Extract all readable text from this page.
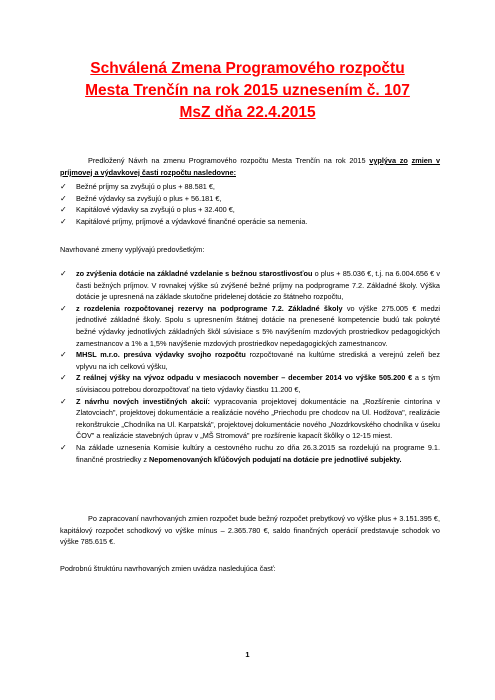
Schválená Zmena Programového rozpočtu
Mesta Trenčín na rok 2015 uznesením č. 107
MsZ dňa 22.4.2015
Predložený Návrh na zmenu Programového rozpočtu Mesta Trenčín na rok 2015 vyplýva zo zmien v príjmovej a výdavkovej časti rozpočtu nasledovne:
✓	Bežné príjmy sa zvyšujú o plus + 88.581 €,
✓	Bežné výdavky sa zvyšujú o plus + 56.181 €,
✓	Kapitálové výdavky sa zvyšujú o plus + 32.400 €,
✓	Kapitálové príjmy, príjmové a výdavkové finančné operácie sa nemenia.
Navrhované zmeny vyplývajú predovšetkým:
✓	zo zvýšenia dotácie na základné vzdelanie s bežnou starostlivosťou o plus + 85.036 €, t.j. na 6.004.656 € v časti bežných príjmov. V rovnakej výške sú zvýšené bežné príjmy na podprograme 7.2. Základné školy. Výška dotácie je upresnená na základe skutočne pridelenej dotácie zo štátneho rozpočtu,
✓	z rozdelenia rozpočtovanej rezervy na podprograme 7.2. Základné školy vo výške 275.005 € medzi jednotlivé základné školy. Spolu s upresnením štátnej dotácie na prenesené kompetencie budú tak pokryté bežné výdavky jednotlivých základných škôl súvisiace s 5% navýšením mzdových prostriedkov pedagogických zamestnancov a 1% a 1,5% navýšenie mzdových prostriedkov nepedagogických zamestnancov.
✓	MHSL m.r.o. presúva výdavky svojho rozpočtu rozpočtované na kultúrne strediská a verejnú zeleň bez vplyvu na ich celkovú výšku,
✓	Z reálnej výšky na vývoz odpadu v mesiacoch november – december 2014 vo výške 505.200 € a s tým súvisiacou potrebou dorozpočtovať na tieto výdavky čiastku 11.200 €,
✓	Z návrhu nových investičných akcií: vypracovania projektovej dokumentácie na „Rozšírenie cintorína v Zlatovciach", projektovej dokumentácie a realizácie nového „Priechodu pre chodcov na Ul. Hodžova", realizácie rekonštrukcie „Chodníka na Ul. Karpatská", projektovej dokumentácie nového „Nozdrkovského chodníka v úseku ČOV" a realizácie stavebných úprav v „MŠ Stromová" pre rozšírenie kapacít škôlky o 12-15 miest.
✓	Na základe uznesenia Komisie kultúry a cestovného ruchu zo dňa 26.3.2015 sa rozdelujú na programe 9.1. finančné prostriedky z Nepomenovaných kľúčových podujatí na dotácie pre jednotlivé subjekty.
Po zapracovaní navrhovaných zmien rozpočet bude bežný rozpočet prebytkový vo výške plus + 3.151.395 €, kapitálový rozpočet schodkový vo výške mínus – 2.365.780 €, saldo finančných operácií predstavuje schodok vo výške 785.615 €.
Podrobnú štruktúru navrhovaných zmien uvádza nasledujúca časť:
1
